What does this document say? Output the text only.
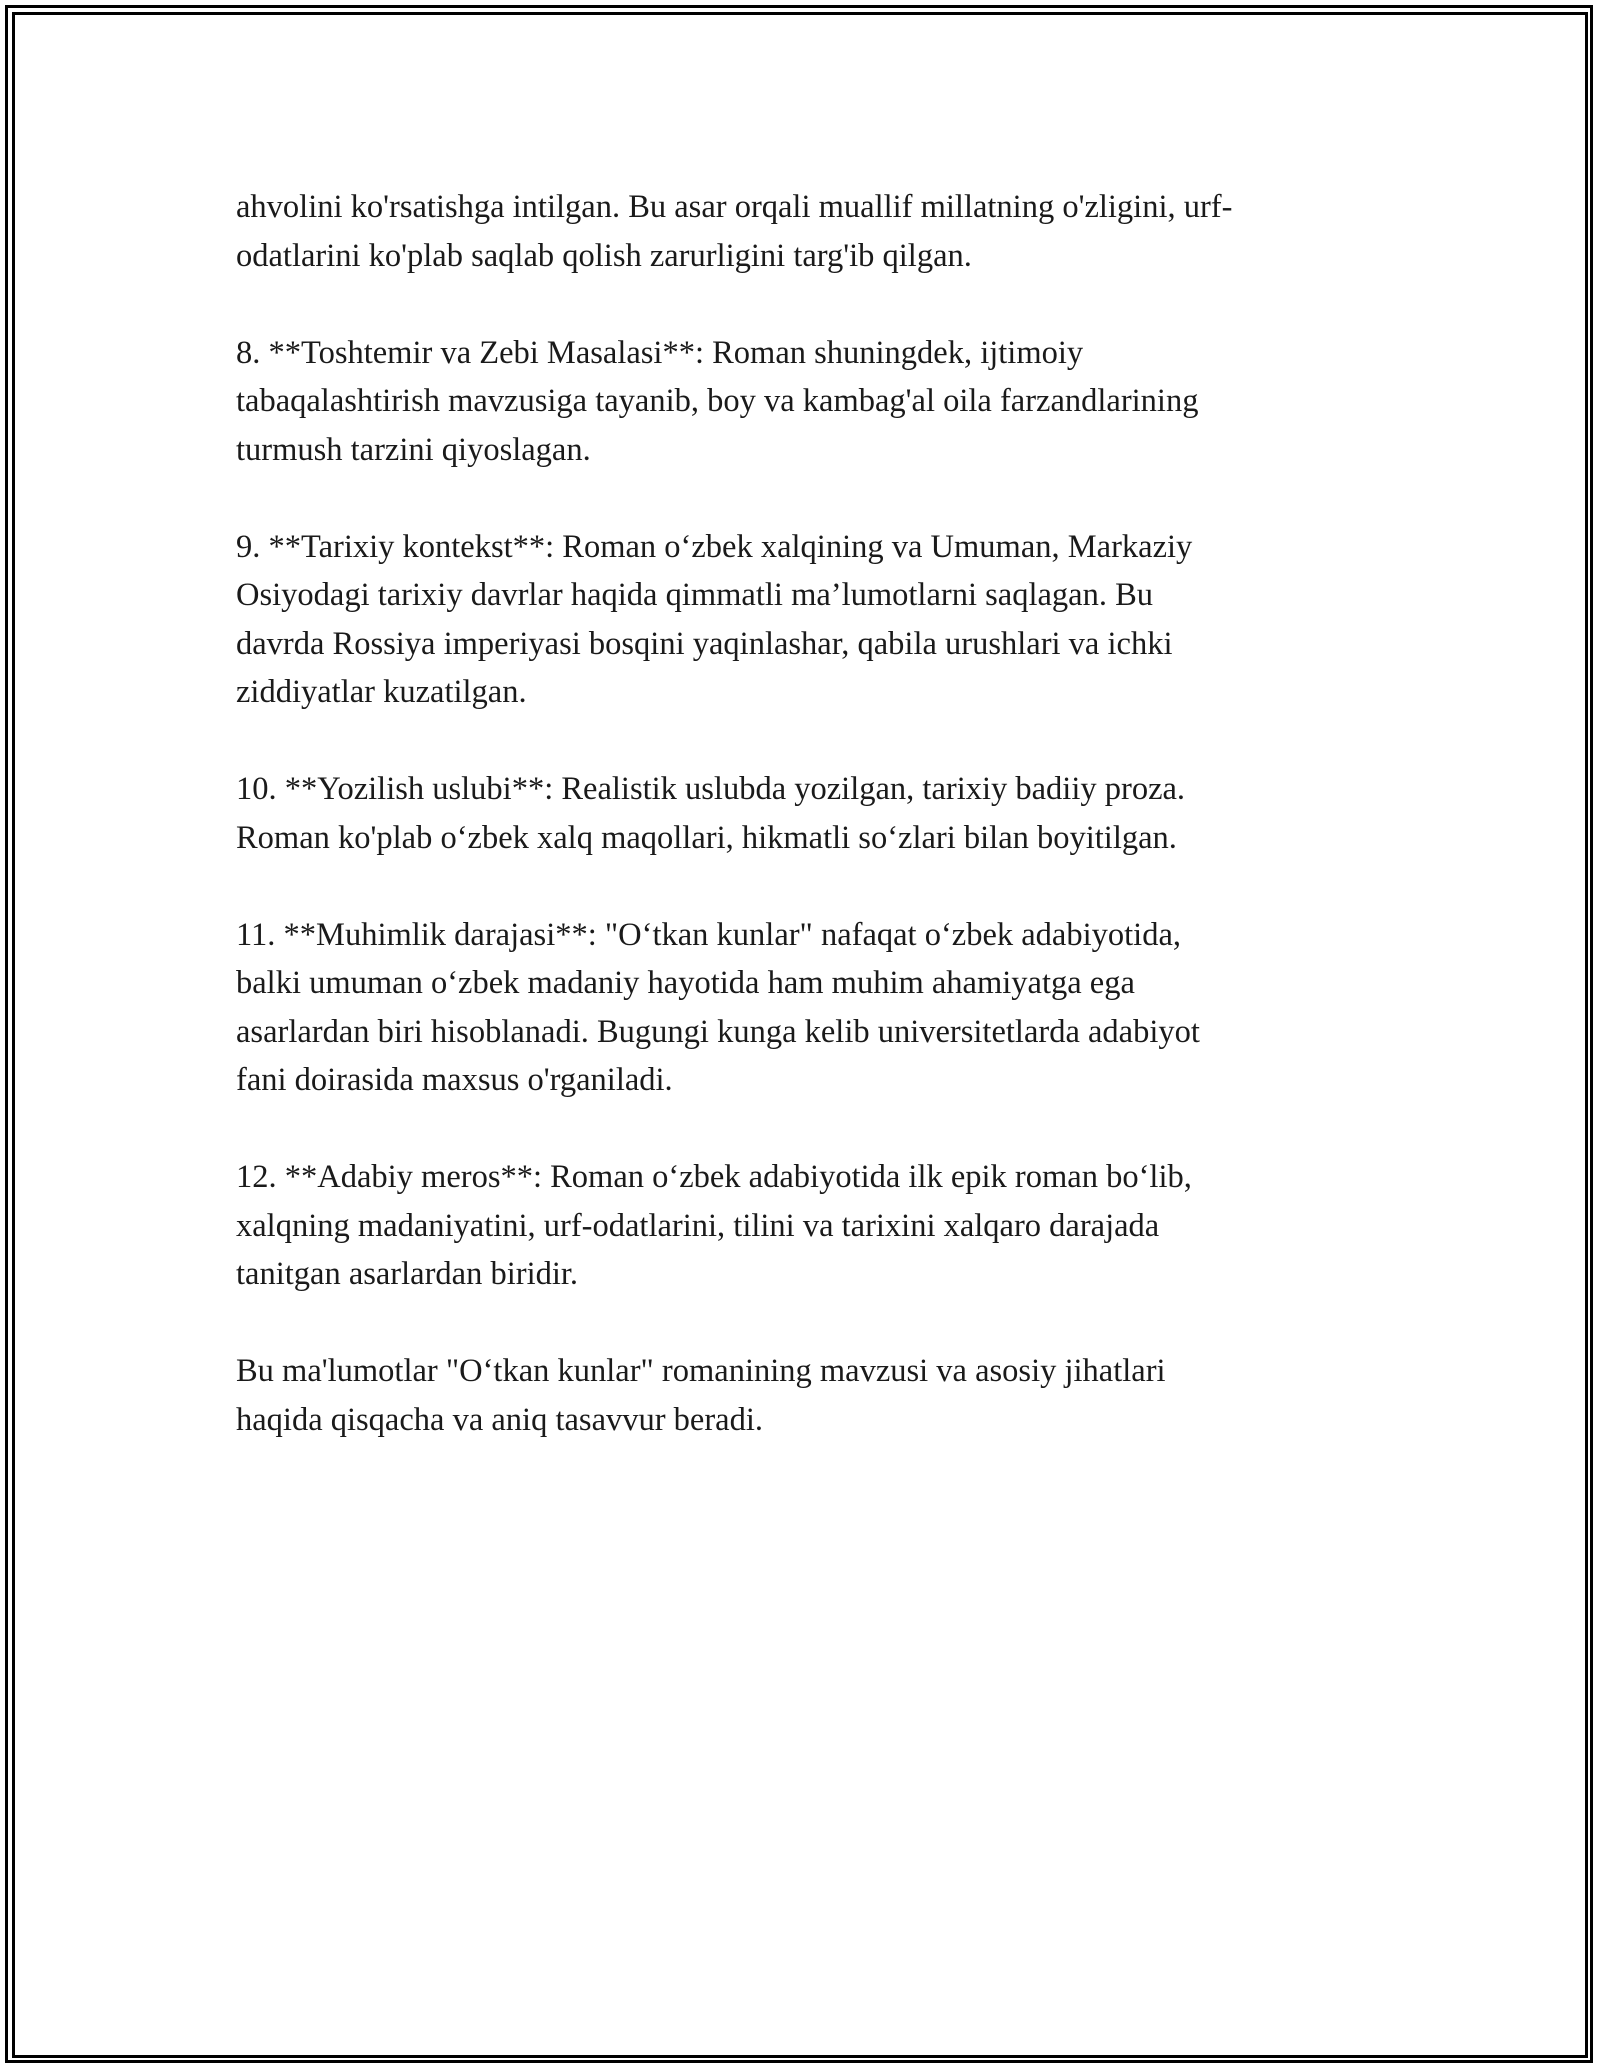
ahvolini ko'rsatishga intilgan. Bu asar orqali muallif millatning o'zligini, urf-
odatlarini ko'plab saqlab qolish zarurligini targ'ib qilgan.

8. **Toshtemir va Zebi Masalasi**: Roman shuningdek, ijtimoiy
tabaqalashtirish mavzusiga tayanib, boy va kambag'al oila farzandlarining
turmush tarzini qiyoslagan.

9. **Tarixiy kontekst**: Roman o‘zbek xalqining va Umuman, Markaziy
Osiyodagi tarixiy davrlar haqida qimmatli ma’lumotlarni saqlagan. Bu
davrda Rossiya imperiyasi bosqini yaqinlashar, qabila urushlari va ichki
ziddiyatlar kuzatilgan.

10. **Yozilish uslubi**: Realistik uslubda yozilgan, tarixiy badiiy proza.
Roman ko'plab o‘zbek xalq maqollari, hikmatli so‘zlari bilan boyitilgan.

11. **Muhimlik darajasi**: "O‘tkan kunlar" nafaqat o‘zbek adabiyotida,
balki umuman o‘zbek madaniy hayotida ham muhim ahamiyatga ega
asarlardan biri hisoblanadi. Bugungi kunga kelib universitetlarda adabiyot
fani doirasida maxsus o'rganiladi.

12. **Adabiy meros**: Roman o‘zbek adabiyotida ilk epik roman bo‘lib,
xalqning madaniyatini, urf-odatlarini, tilini va tarixini xalqaro darajada
tanitgan asarlardan biridir.

Bu ma'lumotlar "O‘tkan kunlar" romanining mavzusi va asosiy jihatlari
haqida qisqacha va aniq tasavvur beradi.
